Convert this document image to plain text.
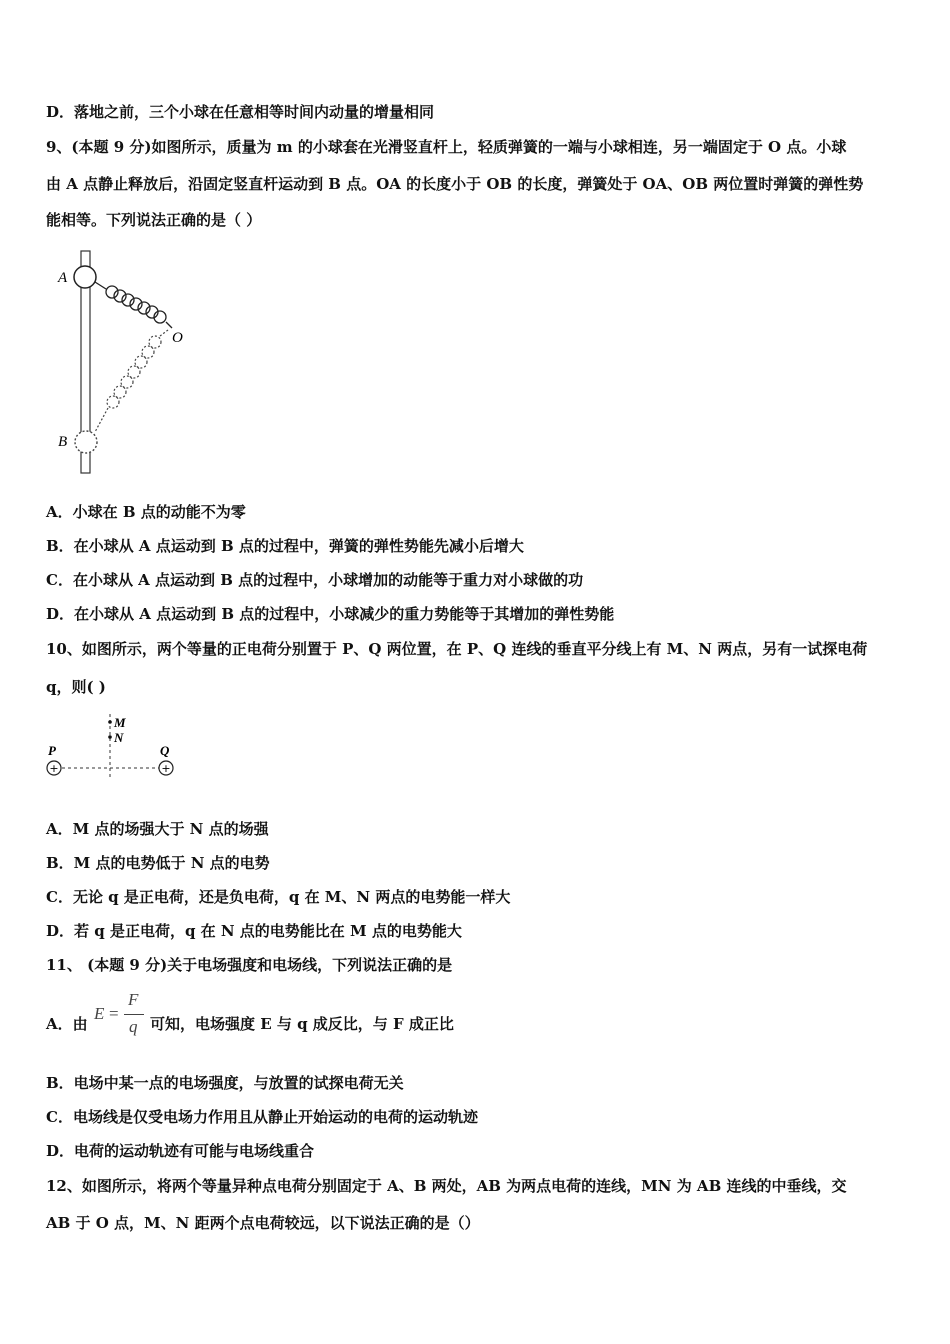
D．落地之前，三个小球在任意相等时间内动量的增量相同
9、(本题 9 分)如图所示，质量为 m 的小球套在光滑竖直杆上，轻质弹簧的一端与小球相连，另一端固定于 O 点。小球
由 A 点静止释放后，沿固定竖直杆运动到 B 点。OA 的长度小于 OB 的长度，弹簧处于 OA、OB 两位置时弹簧的弹性势
能相等。下列说法正确的是（ ）
A
O
B
A．小球在 B 点的动能不为零
B．在小球从 A 点运动到 B 点的过程中，弹簧的弹性势能先减小后增大
C．在小球从 A 点运动到 B 点的过程中，小球增加的动能等于重力对小球做的功
D．在小球从 A 点运动到 B 点的过程中，小球减少的重力势能等于其增加的弹性势能
10、如图所示，两个等量的正电荷分别置于 P、Q 两位置，在 P、Q 连线的垂直平分线上有 M、N 两点，另有一试探电荷
q，则( )
M
N
P	Q
+	+
A．M 点的场强大于 N 点的场强
B．M 点的电势低于 N 点的电势
C．无论 q 是正电荷，还是负电荷，q 在 M、N 两点的电势能一样大
D．若 q 是正电荷，q 在 N 点的电势能比在 M 点的电势能大
11、 (本题 9 分)关于电场强度和电场线，下列说法正确的是
A．由
E =
F
q 可知，电场强度 E 与 q 成反比，与 F 成正比
B．电场中某一点的电场强度，与放置的试探电荷无关
C．电场线是仅受电场力作用且从静止开始运动的电荷的运动轨迹
D．电荷的运动轨迹有可能与电场线重合
12、如图所示，将两个等量异种点电荷分别固定于 A、B 两处，AB 为两点电荷的连线，MN 为 AB 连线的中垂线，交
AB 于 O 点，M、N 距两个点电荷较远，以下说法正确的是（）
